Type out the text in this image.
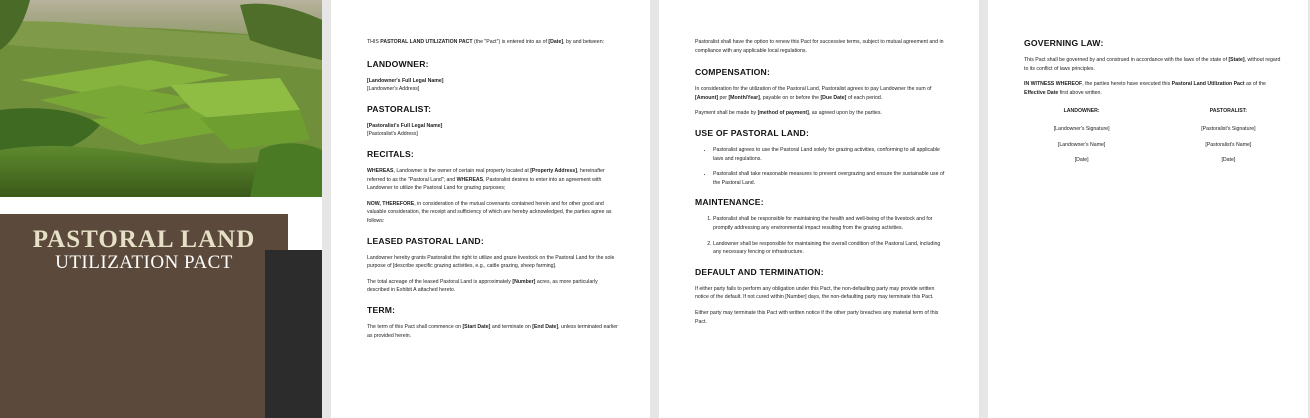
PASTORAL LAND
UTILIZATION PACT

THIS PASTORAL LAND UTILIZATION PACT (the "Pact") is entered into as of [Date], by and between:

LANDOWNER:

[Landowner's Full Legal Name]
[Landowner's Address]

PASTORALIST:

[Pastoralist's Full Legal Name]
[Pastoralist's Address]

RECITALS:

WHEREAS, Landowner is the owner of certain real property located at [Property Address], hereinafter referred to as the "Pastoral Land"; and WHEREAS, Pastoralist desires to enter into an agreement with Landowner to utilize the Pastoral Land for grazing purposes;

NOW, THEREFORE, in consideration of the mutual covenants contained herein and for other good and valuable consideration, the receipt and sufficiency of which are hereby acknowledged, the parties agree as follows:

LEASED PASTORAL LAND:

Landowner hereby grants Pastoralist the right to utilize and graze livestock on the Pastoral Land for the sole purpose of [describe specific grazing activities, e.g., cattle grazing, sheep farming].

The total acreage of the leased Pastoral Land is approximately [Number] acres, as more particularly described in Exhibit A attached hereto.

TERM:

The term of this Pact shall commence on [Start Date] and terminate on [End Date], unless terminated earlier as provided herein.

Pastoralist shall have the option to renew this Pact for successive terms, subject to mutual agreement and in compliance with any applicable local regulations.

COMPENSATION:

In consideration for the utilization of the Pastoral Land, Pastoralist agrees to pay Landowner the sum of [Amount] per [Month/Year], payable on or before the [Due Date] of each period.

Payment shall be made by [method of payment], as agreed upon by the parties.

USE OF PASTORAL LAND:
• Pastoralist agrees to use the Pastoral Land solely for grazing activities, conforming to all applicable laws and regulations.
• Pastoralist shall take reasonable measures to prevent overgrazing and ensure the sustainable use of the Pastoral Land.
MAINTENANCE:
1. Pastoralist shall be responsible for maintaining the health and well-being of the livestock and for promptly addressing any environmental impact resulting from the grazing activities.
2. Landowner shall be responsible for maintaining the overall condition of the Pastoral Land, including any necessary fencing or infrastructure.
DEFAULT AND TERMINATION:

If either party fails to perform any obligation under this Pact, the non-defaulting party may provide written notice of the default. If not cured within [Number] days, the non-defaulting party may terminate this Pact.

Either party may terminate this Pact with written notice if the other party breaches any material term of this Pact.

GOVERNING LAW:

This Pact shall be governed by and construed in accordance with the laws of the state of [State], without regard to its conflict of laws principles.

IN WITNESS WHEREOF, the parties hereto have executed this Pastoral Land Utilization Pact as of the Effective Date first above written.

LANDOWNER:
[Landowner's Signature]
[Landowner's Name]
[Date]
PASTORALIST:
[Pastoralist's Signature]
[Pastoralist's Name]
[Date]
